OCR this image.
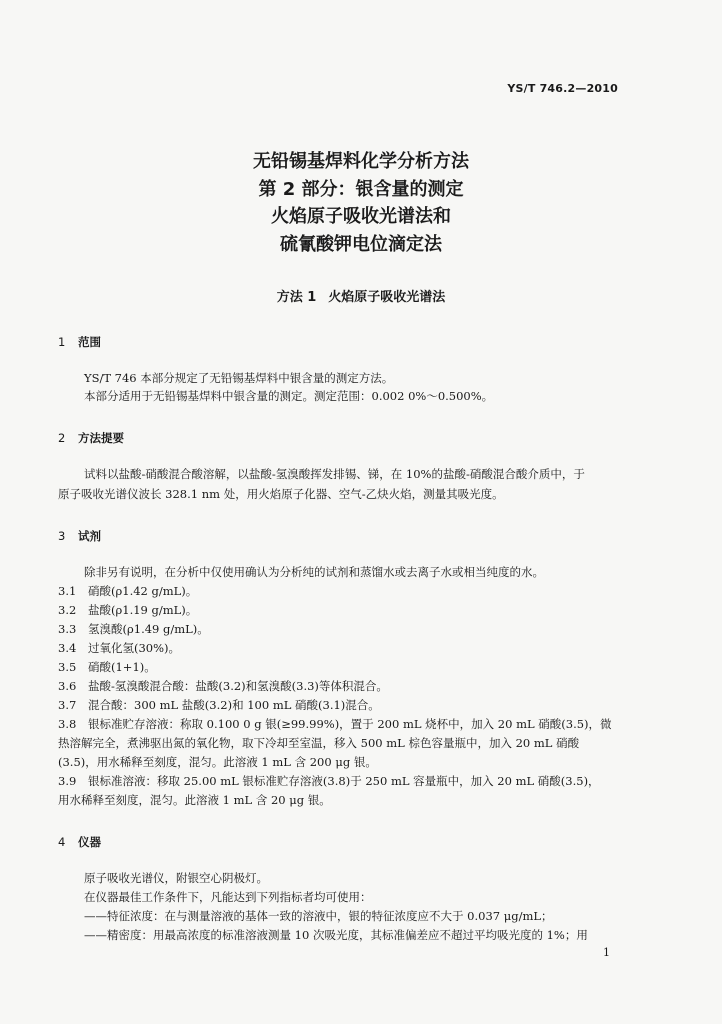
YS/T 746.2—2010
无铅锡基焊料化学分析方法
第 2 部分：银含量的测定
火焰原子吸收光谱法和
硫氰酸钾电位滴定法
方法 1 火焰原子吸收光谱法
1 范围
YS/T 746 本部分规定了无铅锡基焊料中银含量的测定方法。
本部分适用于无铅锡基焊料中银含量的测定。测定范围：0.002 0%～0.500%。
2 方法提要
试料以盐酸-硝酸混合酸溶解，以盐酸-氢溴酸挥发排锡、锑，在 10%的盐酸-硝酸混合酸介质中，于
原子吸收光谱仪波长 328.1 nm 处，用火焰原子化器、空气-乙炔火焰，测量其吸光度。
3 试剂
除非另有说明，在分析中仅使用确认为分析纯的试剂和蒸馏水或去离子水或相当纯度的水。
3.1 硝酸(ρ1.42 g/mL)。
3.2 盐酸(ρ1.19 g/mL)。
3.3 氢溴酸(ρ1.49 g/mL)。
3.4 过氧化氢(30%)。
3.5 硝酸(1+1)。
3.6 盐酸-氢溴酸混合酸：盐酸(3.2)和氢溴酸(3.3)等体积混合。
3.7 混合酸：300 mL 盐酸(3.2)和 100 mL 硝酸(3.1)混合。
3.8 银标准贮存溶液：称取 0.100 0 g 银(≥99.99%)，置于 200 mL 烧杯中，加入 20 mL 硝酸(3.5)，微
热溶解完全，煮沸驱出氮的氧化物，取下冷却至室温，移入 500 mL 棕色容量瓶中，加入 20 mL 硝酸
(3.5)，用水稀释至刻度，混匀。此溶液 1 mL 含 200 μg 银。
3.9 银标准溶液：移取 25.00 mL 银标准贮存溶液(3.8)于 250 mL 容量瓶中，加入 20 mL 硝酸(3.5)，
用水稀释至刻度，混匀。此溶液 1 mL 含 20 μg 银。
4 仪器
原子吸收光谱仪，附银空心阴极灯。
在仪器最佳工作条件下，凡能达到下列指标者均可使用：
——特征浓度：在与测量溶液的基体一致的溶液中，银的特征浓度应不大于 0.037 μg/mL；
——精密度：用最高浓度的标准溶液测量 10 次吸光度，其标准偏差应不超过平均吸光度的 1%；用
1
